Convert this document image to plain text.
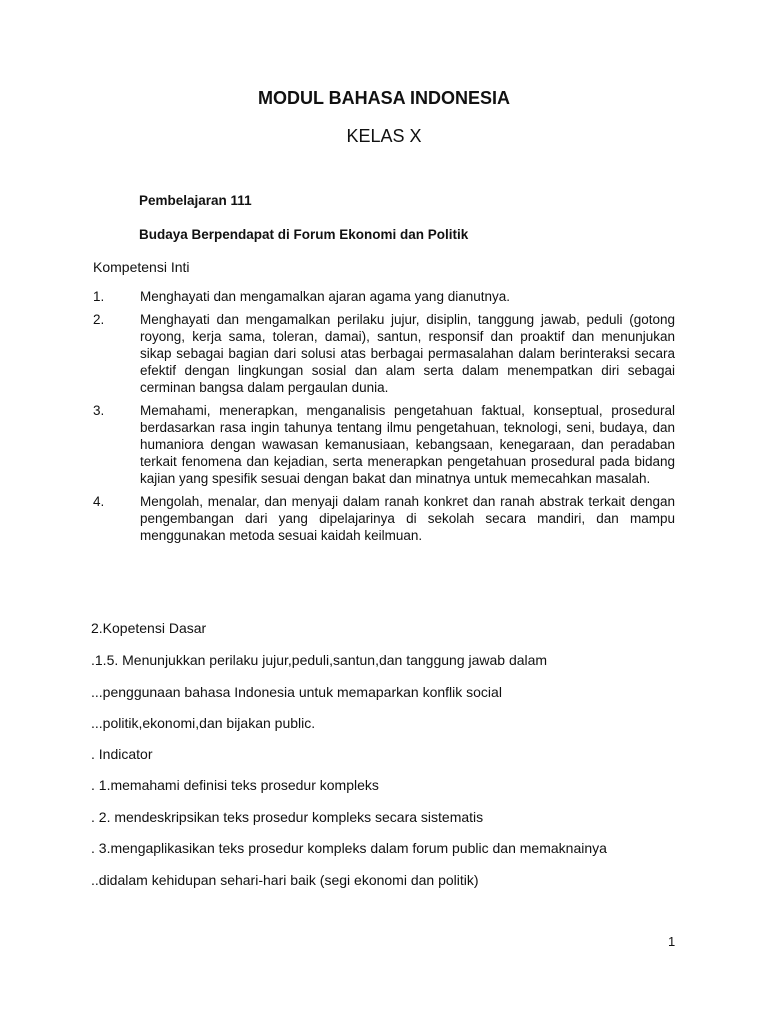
MODUL BAHASA INDONESIA
KELAS X
Pembelajaran 111
Budaya Berpendapat di Forum Ekonomi dan Politik
Kompetensi Inti
1.	Menghayati dan mengamalkan ajaran agama yang dianutnya.
2.	Menghayati dan mengamalkan perilaku jujur, disiplin, tanggung jawab, peduli (gotong royong, kerja sama, toleran, damai), santun, responsif dan proaktif dan menunjukan sikap sebagai bagian dari solusi atas berbagai permasalahan dalam berinteraksi secara efektif dengan lingkungan sosial dan alam serta dalam menempatkan diri sebagai cerminan bangsa dalam pergaulan dunia.
3.	Memahami, menerapkan, menganalisis pengetahuan faktual, konseptual, prosedural berdasarkan rasa ingin tahunya tentang ilmu pengetahuan, teknologi, seni, budaya, dan humaniora dengan wawasan kemanusiaan, kebangsaan, kenegaraan, dan peradaban terkait fenomena dan kejadian, serta menerapkan pengetahuan prosedural pada bidang kajian yang spesifik sesuai dengan bakat dan minatnya untuk memecahkan masalah.
4.	Mengolah, menalar, dan menyaji dalam ranah konkret dan ranah abstrak terkait dengan pengembangan dari yang dipelajarinya di sekolah secara mandiri, dan mampu menggunakan metoda sesuai kaidah keilmuan.
2.Kopetensi Dasar
.1.5. Menunjukkan perilaku jujur,peduli,santun,dan tanggung jawab dalam
...penggunaan bahasa Indonesia untuk memaparkan konflik social
...politik,ekonomi,dan bijakan public.
. Indicator
. 1.memahami definisi teks prosedur kompleks
. 2. mendeskripsikan teks prosedur kompleks secara sistematis
. 3.mengaplikasikan teks prosedur kompleks dalam forum public dan memaknainya
..didalam kehidupan sehari-hari baik (segi ekonomi dan politik)
1
